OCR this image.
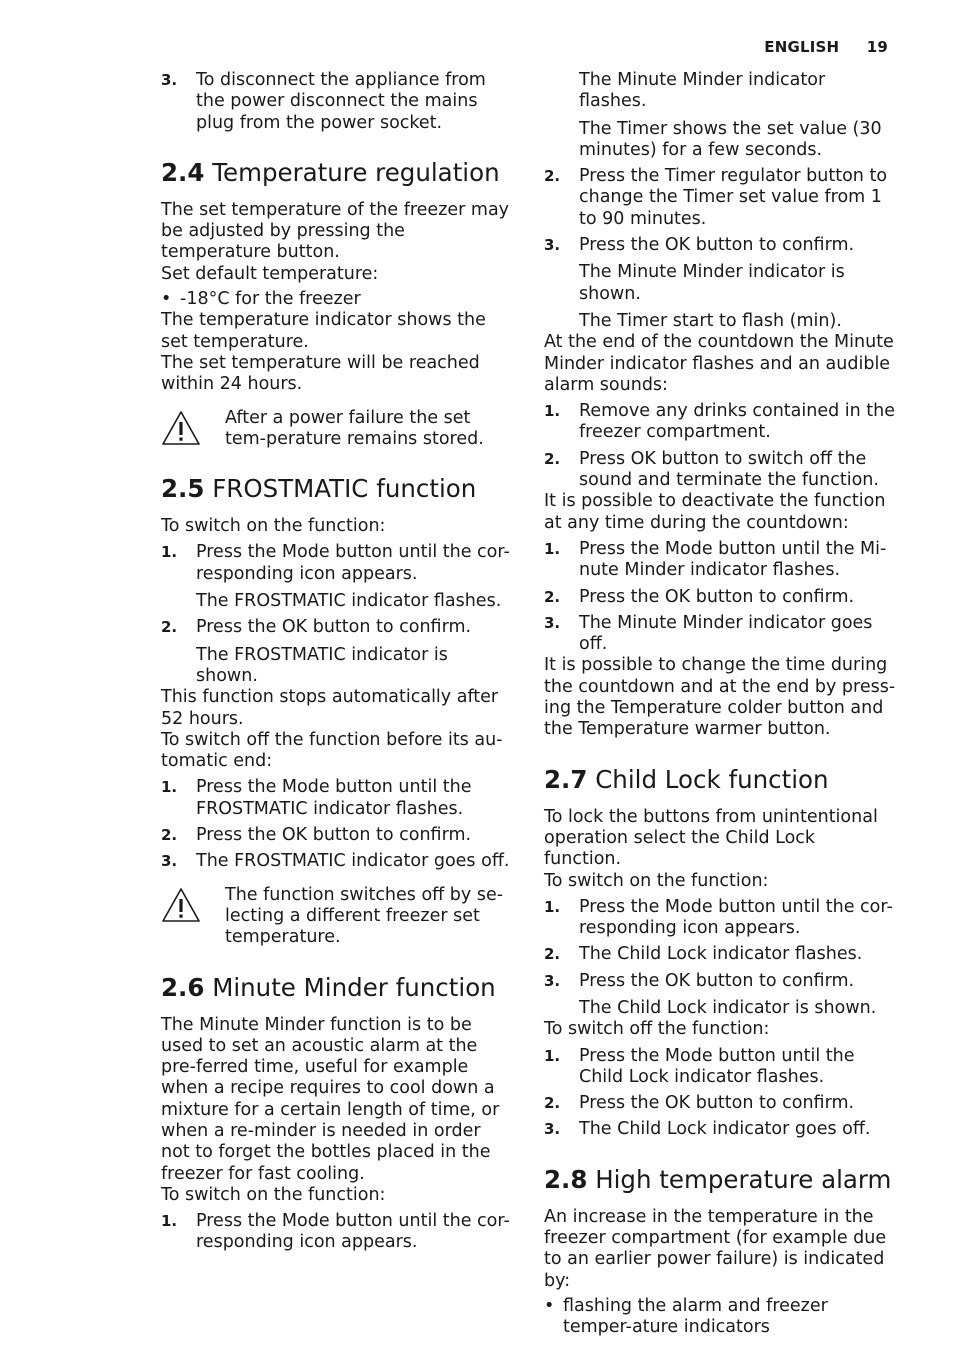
ENGLISH 19
3.	To disconnect the appliance from the power disconnect the mains plug from the power socket.
2.4 Temperature regulation

The set temperature of the freezer may be adjusted by pressing the temperature button.

Set default temperature:

• -18°C for the freezer

The temperature indicator shows the set temperature.

The set temperature will be reached within 24 hours.

After a power failure the set tem-perature remains stored.
2.5 FROSTMATIC function

To switch on the function:

1.	Press the Mode button until the cor-responding icon appears.
The FROSTMATIC indicator flashes.
2.	Press the OK button to confirm.
The FROSTMATIC indicator is shown.

This function stops automatically after 52 hours.

To switch off the function before its au-tomatic end:

1.	Press the Mode button until the FROSTMATIC indicator flashes.
2.	Press the OK button to confirm.
3.	The FROSTMATIC indicator goes off.
The function switches off by se-lecting a different freezer set temperature.
2.6 Minute Minder function

The Minute Minder function is to be used to set an acoustic alarm at the pre-ferred time, useful for example when a recipe requires to cool down a mixture for a certain length of time, or when a re-minder is needed in order not to forget the bottles placed in the freezer for fast cooling.

To switch on the function:

1.	Press the Mode button until the cor-responding icon appears.
The Minute Minder indicator flashes.
The Timer shows the set value (30 minutes) for a few seconds.
2.	Press the Timer regulator button to change the Timer set value from 1 to 90 minutes.
3.	Press the OK button to confirm.
The Minute Minder indicator is shown.
The Timer start to flash (min).

At the end of the countdown the Minute Minder indicator flashes and an audible alarm sounds:

1.	Remove any drinks contained in the freezer compartment.
2.	Press OK button to switch off the sound and terminate the function.

It is possible to deactivate the function at any time during the countdown:

1.	Press the Mode button until the Mi-nute Minder indicator flashes.
2.	Press the OK button to confirm.
3.	The Minute Minder indicator goes off.

It is possible to change the time during the countdown and at the end by press-ing the Temperature colder button and the Temperature warmer button.

2.7 Child Lock function

To lock the buttons from unintentional operation select the Child Lock function.

To switch on the function:

1.	Press the Mode button until the cor-responding icon appears.
2.	The Child Lock indicator flashes.
3.	Press the OK button to confirm.
The Child Lock indicator is shown.

To switch off the function:

1.	Press the Mode button until the Child Lock indicator flashes.
2.	Press the OK button to confirm.
3.	The Child Lock indicator goes off.
2.8 High temperature alarm

An increase in the temperature in the freezer compartment (for example due to an earlier power failure) is indicated by:

• flashing the alarm and freezer temper-ature indicators
